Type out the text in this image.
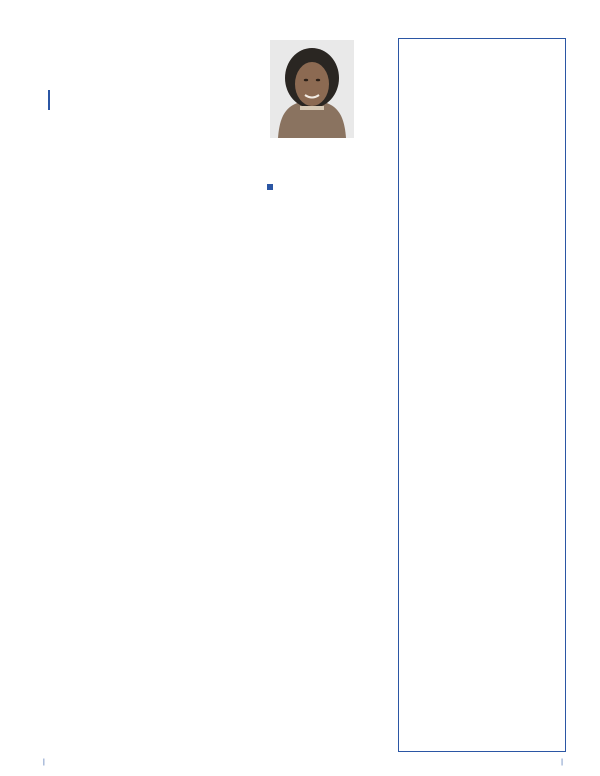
|	|
